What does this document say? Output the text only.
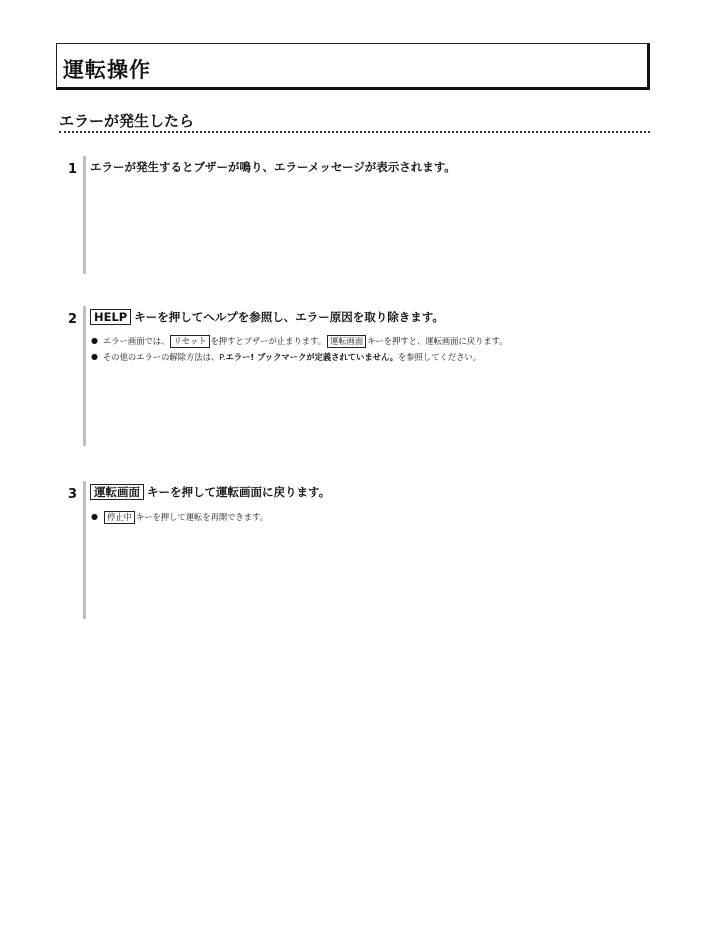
運転操作
エラーが発生したら
1 エラーが発生するとブザーが鳴り、エラーメッセージが表示されます。
2	HELP キーを押してヘルプを参照し、エラー原因を取り除きます。
● エラー画面では、 リセット を押すとブザーが止まります。 運転画面 キーを押すと、運転画面に戻ります。
● その他のエラーの解除方法は、P.エラー! ブックマークが定義されていません。を参照してください。
3	運転画面 キーを押して運転画面に戻ります。
● 停止中 キーを押して運転を再開できます。
